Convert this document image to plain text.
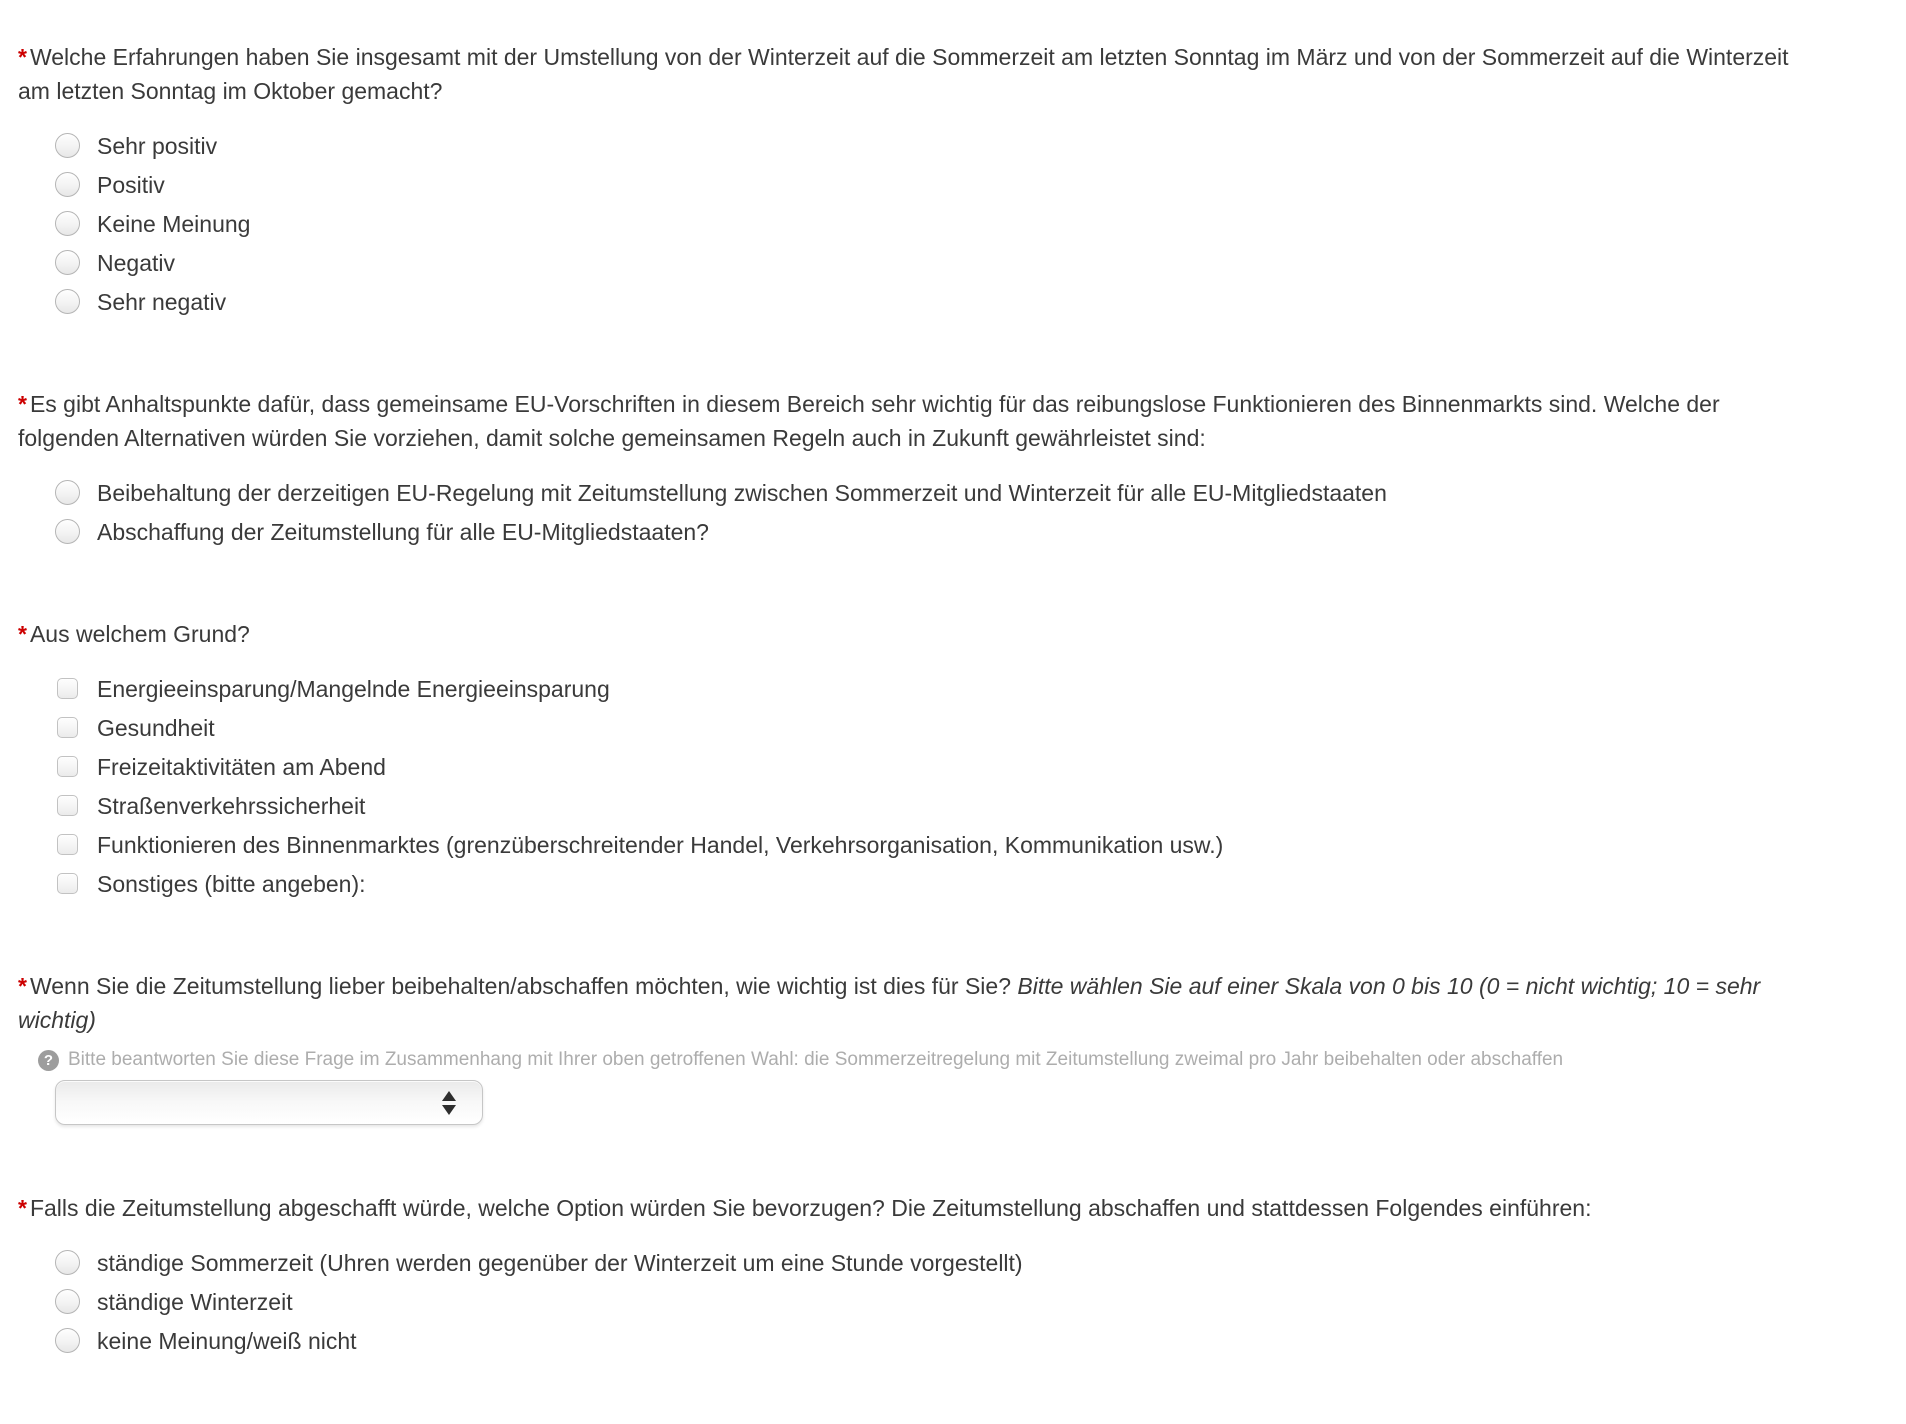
* Welche Erfahrungen haben Sie insgesamt mit der Umstellung von der Winterzeit auf die Sommerzeit am letzten Sonntag im März und von der Sommerzeit auf die Winterzeit am letzten Sonntag im Oktober gemacht?
Sehr positiv
Positiv
Keine Meinung
Negativ
Sehr negativ
* Es gibt Anhaltspunkte dafür, dass gemeinsame EU-Vorschriften in diesem Bereich sehr wichtig für das reibungslose Funktionieren des Binnenmarkts sind. Welche der folgenden Alternativen würden Sie vorziehen, damit solche gemeinsamen Regeln auch in Zukunft gewährleistet sind:
Beibehaltung der derzeitigen EU-Regelung mit Zeitumstellung zwischen Sommerzeit und Winterzeit für alle EU-Mitgliedstaaten
Abschaffung der Zeitumstellung für alle EU-Mitgliedstaaten?
* Aus welchem Grund?
Energieeinsparung/Mangelnde Energieeinsparung
Gesundheit
Freizeitaktivitäten am Abend
Straßenverkehrssicherheit
Funktionieren des Binnenmarktes (grenzüberschreitender Handel, Verkehrsorganisation, Kommunikation usw.)
Sonstiges (bitte angeben):
* Wenn Sie die Zeitumstellung lieber beibehalten/abschaffen möchten, wie wichtig ist dies für Sie? Bitte wählen Sie auf einer Skala von 0 bis 10 (0 = nicht wichtig; 10 = sehr wichtig)
? Bitte beantworten Sie diese Frage im Zusammenhang mit Ihrer oben getroffenen Wahl: die Sommerzeitregelung mit Zeitumstellung zweimal pro Jahr beibehalten oder abschaffen
* Falls die Zeitumstellung abgeschafft würde, welche Option würden Sie bevorzugen? Die Zeitumstellung abschaffen und stattdessen Folgendes einführen:
ständige Sommerzeit (Uhren werden gegenüber der Winterzeit um eine Stunde vorgestellt)
ständige Winterzeit
keine Meinung/weiß nicht
